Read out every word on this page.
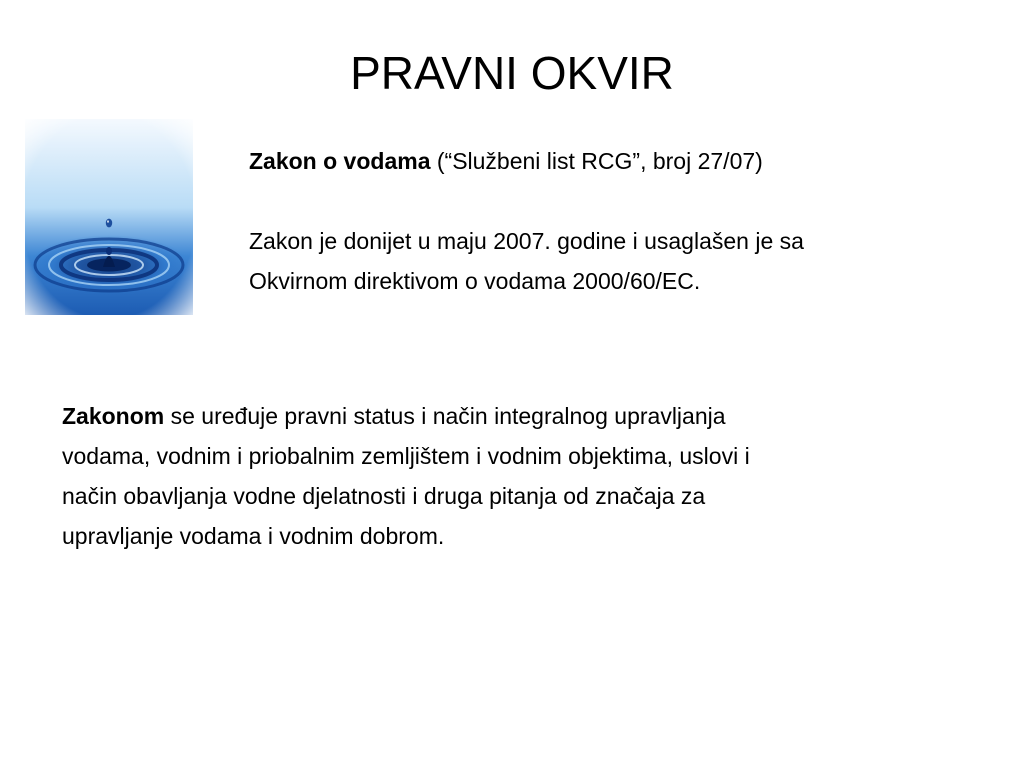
PRAVNI OKVIR

Zakon o vodama (“Službeni list RCG”, broj 27/07)

Zakon je donijet u maju 2007. godine i usaglašen je sa

Okvirnom direktivom o vodama 2000/60/EC.

Zakonom se uređuje pravni status i način integralnog upravljanja

vodama, vodnim i priobalnim zemljištem i vodnim objektima, uslovi i

način obavljanja vodne djelatnosti i druga pitanja od značaja za

upravljanje vodama i vodnim dobrom.
